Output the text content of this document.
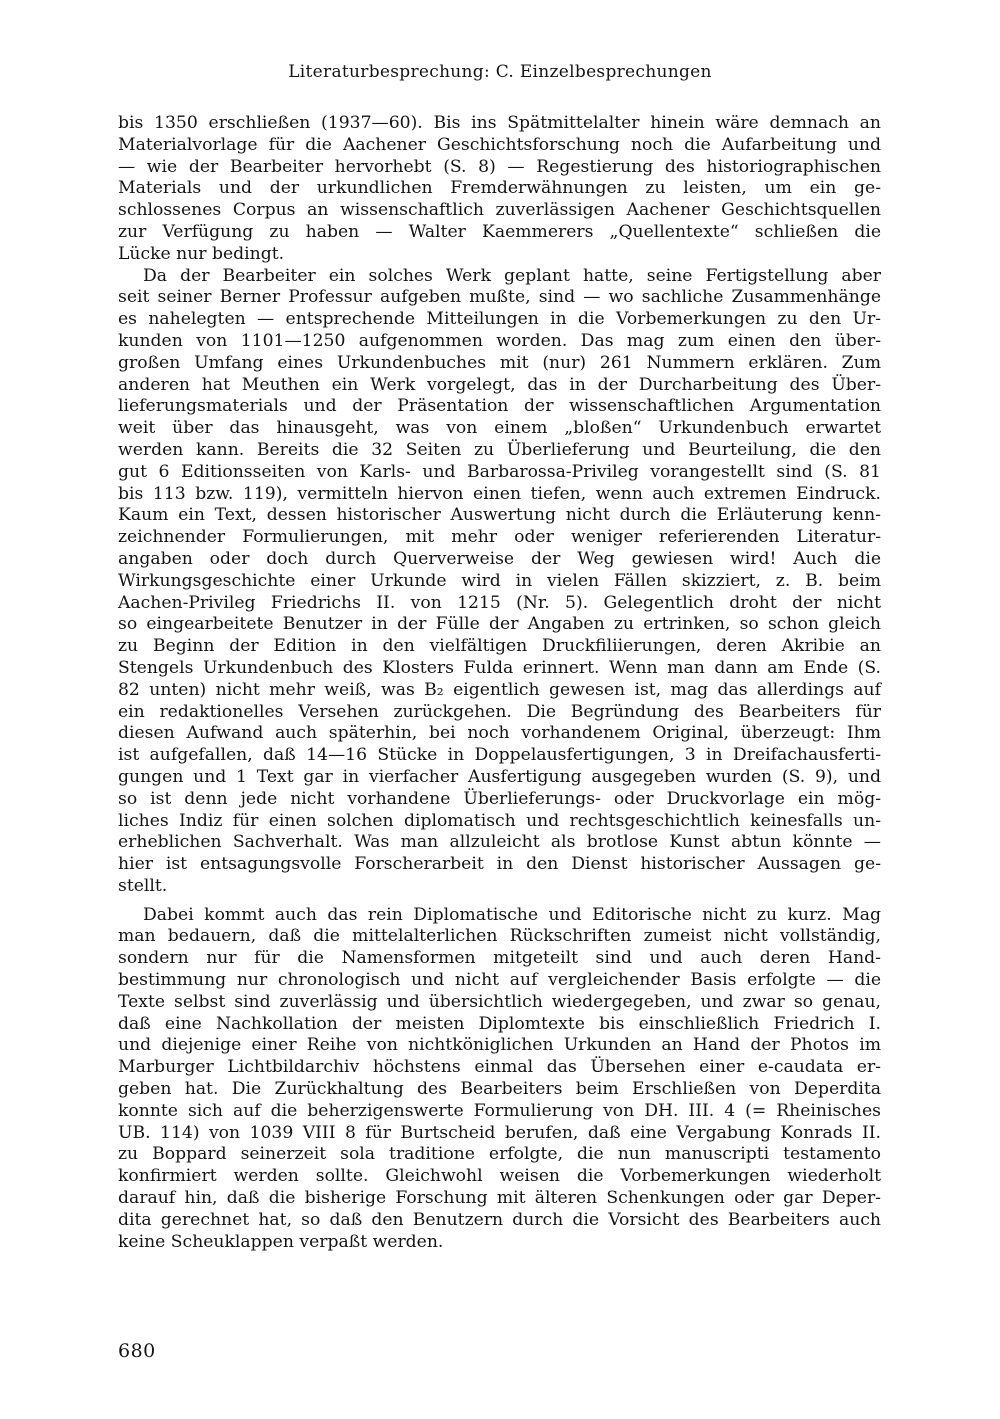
Literaturbesprechung: C. Einzelbesprechungen
bis 1350 erschließen (1937—60). Bis ins Spätmittelalter hinein wäre demnach an
Materialvorlage für die Aachener Geschichtsforschung noch die Aufarbeitung und
— wie der Bearbeiter hervorhebt (S. 8) — Regestierung des historiographischen
Materials und der urkundlichen Fremderwähnungen zu leisten, um ein ge-
schlossenes Corpus an wissenschaftlich zuverlässigen Aachener Geschichtsquellen
zur Verfügung zu haben — Walter Kaemmerers „Quellentexte“ schließen die
Lücke nur bedingt.
Da der Bearbeiter ein solches Werk geplant hatte, seine Fertigstellung aber
seit seiner Berner Professur aufgeben mußte, sind — wo sachliche Zusammenhänge
es nahelegten — entsprechende Mitteilungen in die Vorbemerkungen zu den Ur-
kunden von 1101—1250 aufgenommen worden. Das mag zum einen den über-
großen Umfang eines Urkundenbuches mit (nur) 261 Nummern erklären. Zum
anderen hat Meuthen ein Werk vorgelegt, das in der Durcharbeitung des Über-
lieferungsmaterials und der Präsentation der wissenschaftlichen Argumentation
weit über das hinausgeht, was von einem „bloßen“ Urkundenbuch erwartet
werden kann. Bereits die 32 Seiten zu Überlieferung und Beurteilung, die den
gut 6 Editionsseiten von Karls- und Barbarossa-Privileg vorangestellt sind (S. 81
bis 113 bzw. 119), vermitteln hiervon einen tiefen, wenn auch extremen Eindruck.
Kaum ein Text, dessen historischer Auswertung nicht durch die Erläuterung kenn-
zeichnender Formulierungen, mit mehr oder weniger referierenden Literatur-
angaben oder doch durch Querverweise der Weg gewiesen wird! Auch die
Wirkungsgeschichte einer Urkunde wird in vielen Fällen skizziert, z. B. beim
Aachen-Privileg Friedrichs II. von 1215 (Nr. 5). Gelegentlich droht der nicht
so eingearbeitete Benutzer in der Fülle der Angaben zu ertrinken, so schon gleich
zu Beginn der Edition in den vielfältigen Druckfiliierungen, deren Akribie an
Stengels Urkundenbuch des Klosters Fulda erinnert. Wenn man dann am Ende (S.
82 unten) nicht mehr weiß, was B₂ eigentlich gewesen ist, mag das allerdings auf
ein redaktionelles Versehen zurückgehen. Die Begründung des Bearbeiters für
diesen Aufwand auch späterhin, bei noch vorhandenem Original, überzeugt: Ihm
ist aufgefallen, daß 14—16 Stücke in Doppelausfertigungen, 3 in Dreifachausferti-
gungen und 1 Text gar in vierfacher Ausfertigung ausgegeben wurden (S. 9), und
so ist denn jede nicht vorhandene Überlieferungs- oder Druckvorlage ein mög-
liches Indiz für einen solchen diplomatisch und rechtsgeschichtlich keinesfalls un-
erheblichen Sachverhalt. Was man allzuleicht als brotlose Kunst abtun könnte —
hier ist entsagungsvolle Forscherarbeit in den Dienst historischer Aussagen ge-
stellt.
Dabei kommt auch das rein Diplomatische und Editorische nicht zu kurz. Mag
man bedauern, daß die mittelalterlichen Rückschriften zumeist nicht vollständig,
sondern nur für die Namensformen mitgeteilt sind und auch deren Hand-
bestimmung nur chronologisch und nicht auf vergleichender Basis erfolgte — die
Texte selbst sind zuverlässig und übersichtlich wiedergegeben, und zwar so genau,
daß eine Nachkollation der meisten Diplomtexte bis einschließlich Friedrich I.
und diejenige einer Reihe von nichtköniglichen Urkunden an Hand der Photos im
Marburger Lichtbildarchiv höchstens einmal das Übersehen einer e-caudata er-
geben hat. Die Zurückhaltung des Bearbeiters beim Erschließen von Deperdita
konnte sich auf die beherzigenswerte Formulierung von DH. III. 4 (= Rheinisches
UB. 114) von 1039 VIII 8 für Burtscheid berufen, daß eine Vergabung Konrads II.
zu Boppard seinerzeit sola traditione erfolgte, die nun manuscripti testamento
konfirmiert werden sollte. Gleichwohl weisen die Vorbemerkungen wiederholt
darauf hin, daß die bisherige Forschung mit älteren Schenkungen oder gar Deper-
dita gerechnet hat, so daß den Benutzern durch die Vorsicht des Bearbeiters auch
keine Scheuklappen verpaßt werden.
680
